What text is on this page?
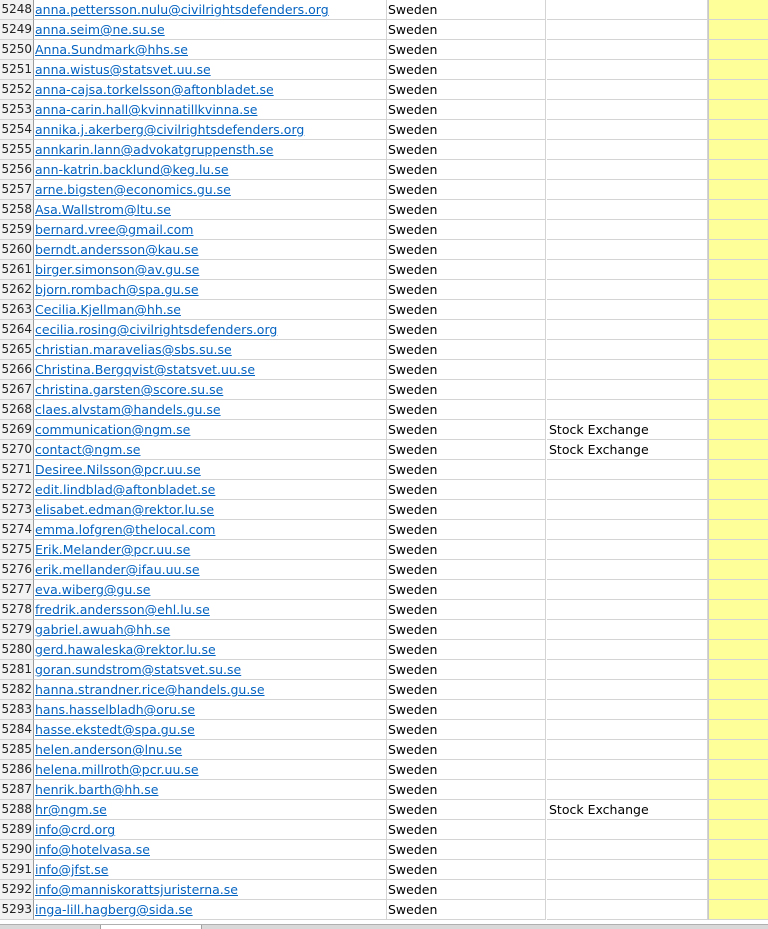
5248 anna.pettersson.nulu@civilrightsdefenders.org	Sweden
5249 anna.seim@ne.su.se	Sweden
5250 Anna.Sundmark@hhs.se	Sweden
5251 anna.wistus@statsvet.uu.se	Sweden
5252 anna-cajsa.torkelsson@aftonbladet.se	Sweden
5253 anna-carin.hall@kvinnatillkvinna.se	Sweden
5254 annika.j.akerberg@civilrightsdefenders.org	Sweden
5255 annkarin.lann@advokatgruppensth.se	Sweden
5256 ann-katrin.backlund@keg.lu.se	Sweden
5257 arne.bigsten@economics.gu.se	Sweden
5258 Asa.Wallstrom@ltu.se	Sweden
5259 bernard.vree@gmail.com	Sweden
5260 berndt.andersson@kau.se	Sweden
5261 birger.simonson@av.gu.se	Sweden
5262 bjorn.rombach@spa.gu.se	Sweden
5263 Cecilia.Kjellman@hh.se	Sweden
5264 cecilia.rosing@civilrightsdefenders.org	Sweden
5265 christian.maravelias@sbs.su.se	Sweden
5266 Christina.Bergqvist@statsvet.uu.se	Sweden
5267 christina.garsten@score.su.se	Sweden
5268 claes.alvstam@handels.gu.se	Sweden
5269 communication@ngm.se	Sweden	Stock Exchange
5270 contact@ngm.se	Sweden	Stock Exchange
5271 Desiree.Nilsson@pcr.uu.se	Sweden
5272 edit.lindblad@aftonbladet.se	Sweden
5273 elisabet.edman@rektor.lu.se	Sweden
5274 emma.lofgren@thelocal.com	Sweden
5275 Erik.Melander@pcr.uu.se	Sweden
5276 erik.mellander@ifau.uu.se	Sweden
5277 eva.wiberg@gu.se	Sweden
5278 fredrik.andersson@ehl.lu.se	Sweden
5279 gabriel.awuah@hh.se	Sweden
5280 gerd.hawaleska@rektor.lu.se	Sweden
5281 goran.sundstrom@statsvet.su.se	Sweden
5282 hanna.strandner.rice@handels.gu.se	Sweden
5283 hans.hasselbladh@oru.se	Sweden
5284 hasse.ekstedt@spa.gu.se	Sweden
5285 helen.anderson@lnu.se	Sweden
5286 helena.millroth@pcr.uu.se	Sweden
5287 henrik.barth@hh.se	Sweden
5288 hr@ngm.se	Sweden	Stock Exchange
5289 info@crd.org	Sweden
5290 info@hotelvasa.se	Sweden
5291 info@jfst.se	Sweden
5292 info@manniskorattsjuristerna.se	Sweden
5293 inga-lill.hagberg@sida.se	Sweden
